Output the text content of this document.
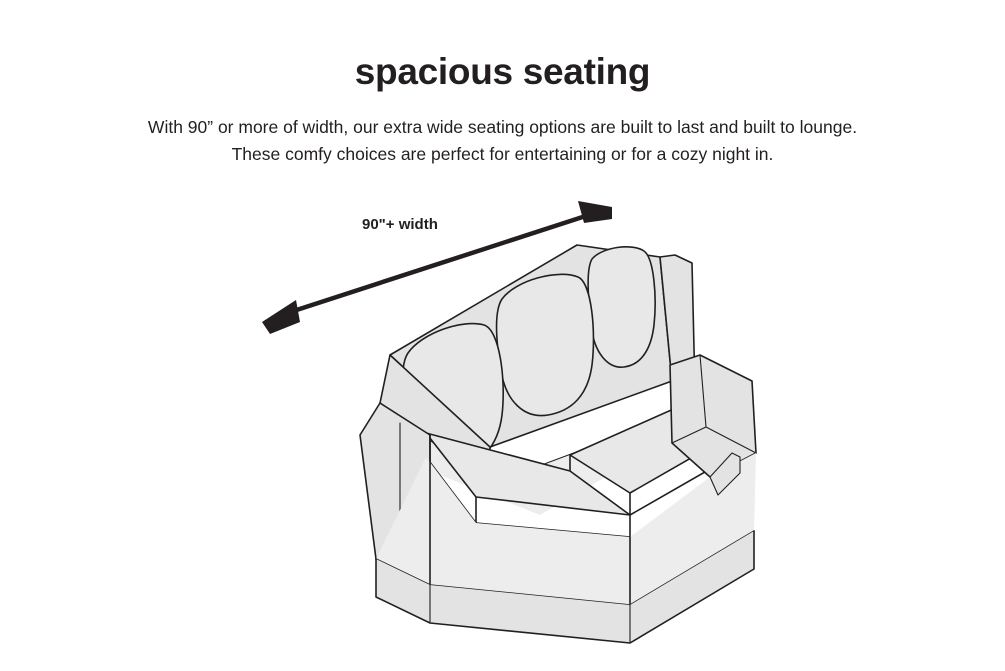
spacious seating
With 90” or more of width, our extra wide seating options are built to last and built to lounge.
These comfy choices are perfect for entertaining or for a cozy night in.
90"+ width
